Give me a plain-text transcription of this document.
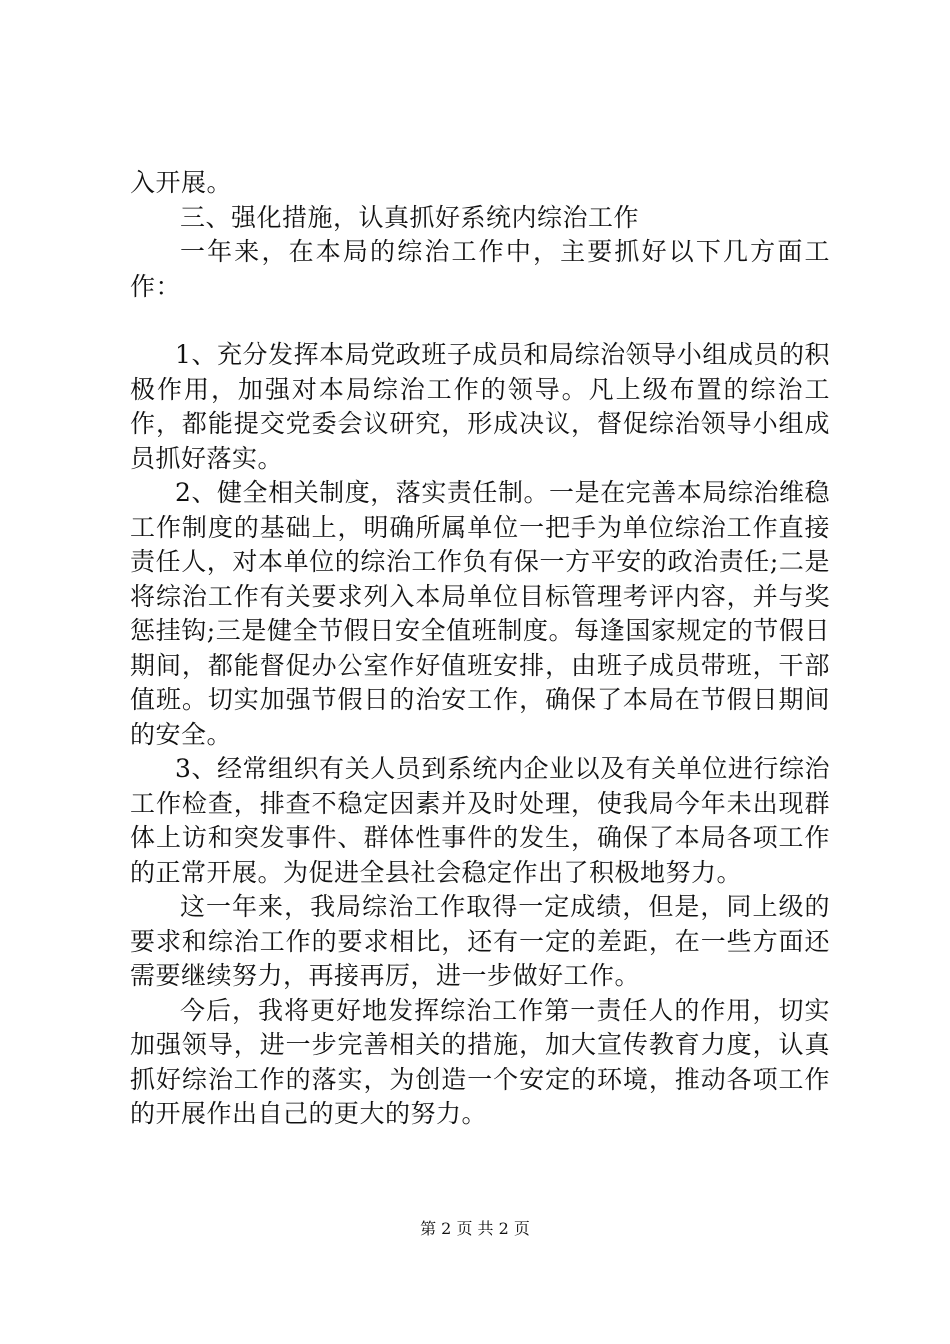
入开展。

三、强化措施，认真抓好系统内综治工作

一年来，在本局的综治工作中，主要抓好以下几方面工作：

1、充分发挥本局党政班子成员和局综治领导小组成员的积极作用，加强对本局综治工作的领导。凡上级布置的综治工作，都能提交党委会议研究，形成决议，督促综治领导小组成员抓好落实。

2、健全相关制度，落实责任制。一是在完善本局综治维稳工作制度的基础上，明确所属单位一把手为单位综治工作直接责任人，对本单位的综治工作负有保一方平安的政治责任;二是将综治工作有关要求列入本局单位目标管理考评内容，并与奖惩挂钩;三是健全节假日安全值班制度。每逢国家规定的节假日期间，都能督促办公室作好值班安排，由班子成员带班，干部值班。切实加强节假日的治安工作，确保了本局在节假日期间的安全。

3、经常组织有关人员到系统内企业以及有关单位进行综治工作检查，排查不稳定因素并及时处理，使我局今年未出现群体上访和突发事件、群体性事件的发生，确保了本局各项工作的正常开展。为促进全县社会稳定作出了积极地努力。

这一年来，我局综治工作取得一定成绩，但是，同上级的要求和综治工作的要求相比，还有一定的差距，在一些方面还需要继续努力，再接再厉，进一步做好工作。

今后，我将更好地发挥综治工作第一责任人的作用，切实加强领导，进一步完善相关的措施，加大宣传教育力度，认真抓好综治工作的落实，为创造一个安定的环境，推动各项工作的开展作出自己的更大的努力。

第 2 页 共 2 页
